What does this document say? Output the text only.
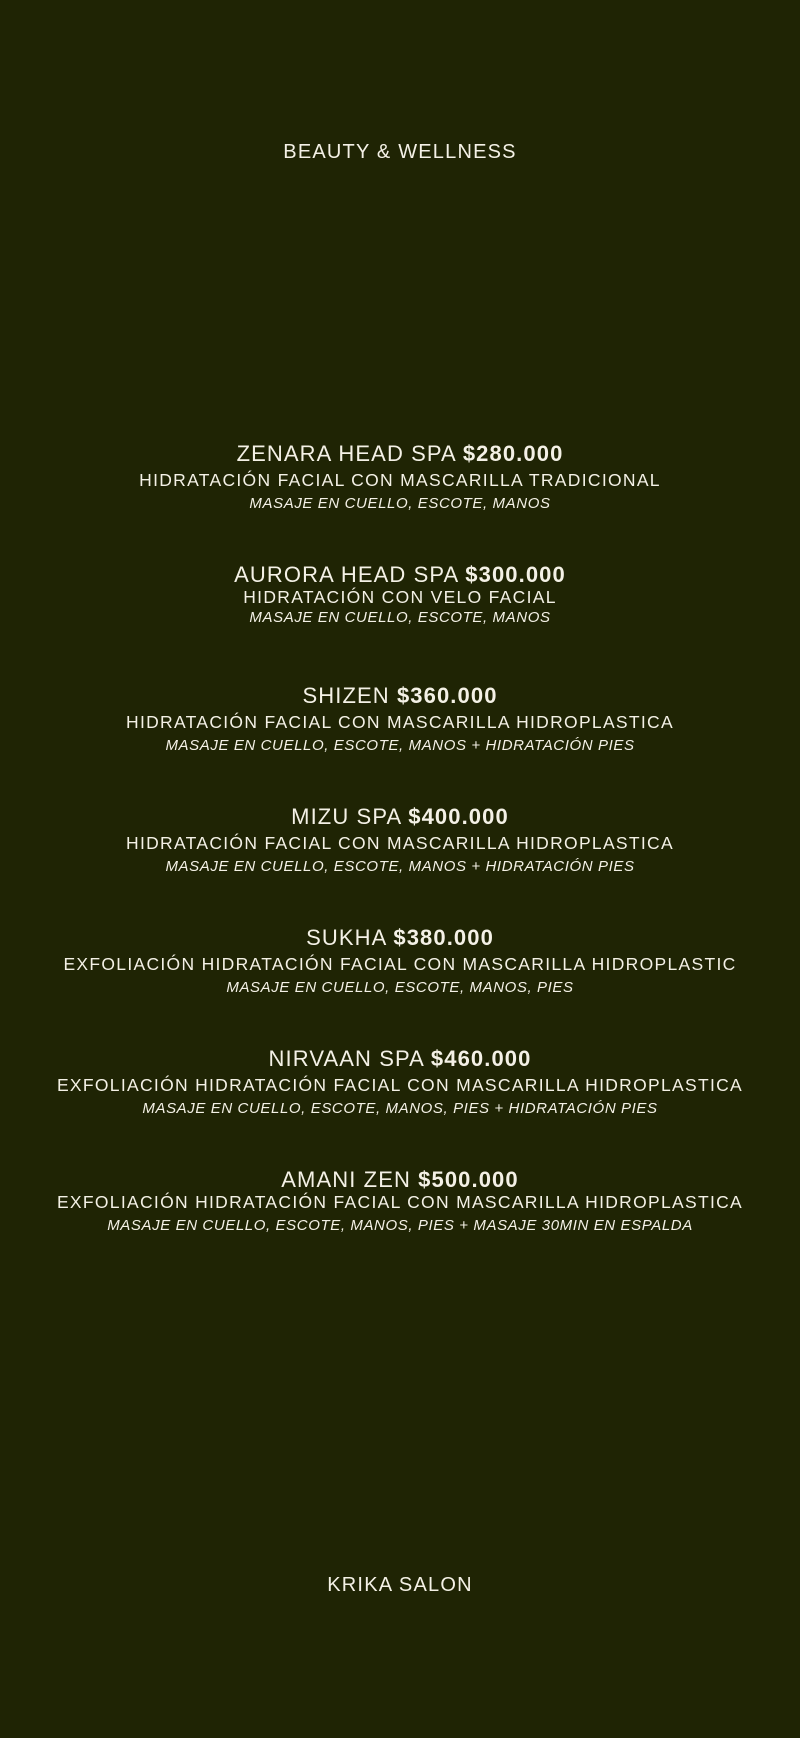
BEAUTY & WELLNESS
ZENARA HEAD SPA $280.000
HIDRATACIÓN FACIAL CON MASCARILLA TRADICIONAL
MASAJE EN CUELLO, ESCOTE, MANOS
AURORA HEAD SPA $300.000
HIDRATACIÓN CON VELO FACIAL
MASAJE EN CUELLO, ESCOTE, MANOS
SHIZEN $360.000
HIDRATACIÓN FACIAL CON MASCARILLA HIDROPLASTICA
MASAJE EN CUELLO, ESCOTE, MANOS + HIDRATACIÓN PIES
MIZU SPA $400.000
HIDRATACIÓN FACIAL CON MASCARILLA HIDROPLASTICA
MASAJE EN CUELLO, ESCOTE, MANOS + HIDRATACIÓN PIES
SUKHA $380.000
EXFOLIACIÓN HIDRATACIÓN FACIAL CON MASCARILLA HIDROPLASTIC
MASAJE EN CUELLO, ESCOTE, MANOS, PIES
NIRVAAN SPA $460.000
EXFOLIACIÓN HIDRATACIÓN FACIAL CON MASCARILLA HIDROPLASTICA
MASAJE EN CUELLO, ESCOTE, MANOS, PIES + HIDRATACIÓN PIES
AMANI ZEN $500.000
EXFOLIACIÓN HIDRATACIÓN FACIAL CON MASCARILLA HIDROPLASTICA
MASAJE EN CUELLO, ESCOTE, MANOS, PIES + MASAJE 30MIN EN ESPALDA
KRIKA SALON
